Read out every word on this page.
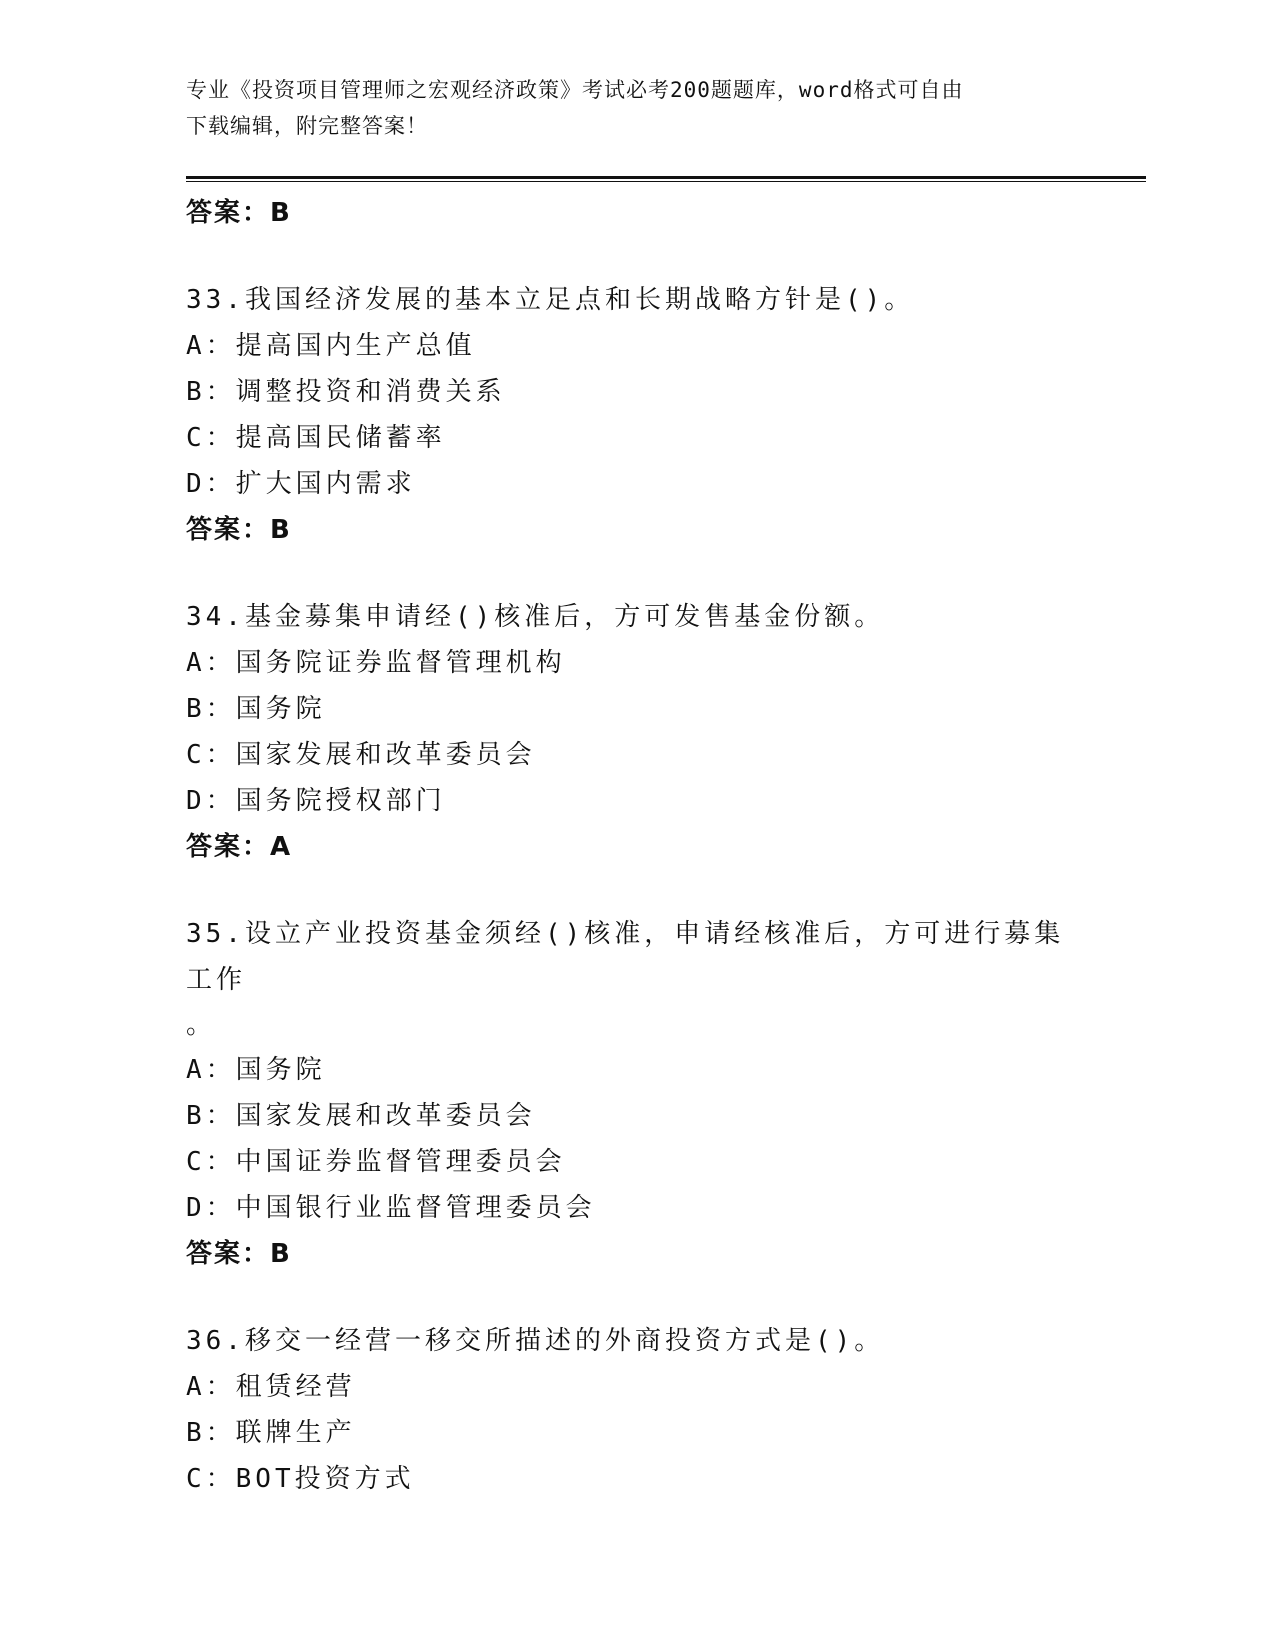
专业《投资项目管理师之宏观经济政策》考试必考200题题库，word格式可自由
下载编辑，附完整答案！
答案：B
33.我国经济发展的基本立足点和长期战略方针是()。
A：提高国内生产总值
B：调整投资和消费关系
C：提高国民储蓄率
D：扩大国内需求
答案：B
34.基金募集申请经()核准后，方可发售基金份额。
A：国务院证券监督管理机构
B：国务院
C：国家发展和改革委员会
D：国务院授权部门
答案：A
35.设立产业投资基金须经()核准，申请经核准后，方可进行募集工作
。
A：国务院
B：国家发展和改革委员会
C：中国证券监督管理委员会
D：中国银行业监督管理委员会
答案：B
36.移交一经营一移交所描述的外商投资方式是()。
A：租赁经营
B：联牌生产
C：BOT投资方式
